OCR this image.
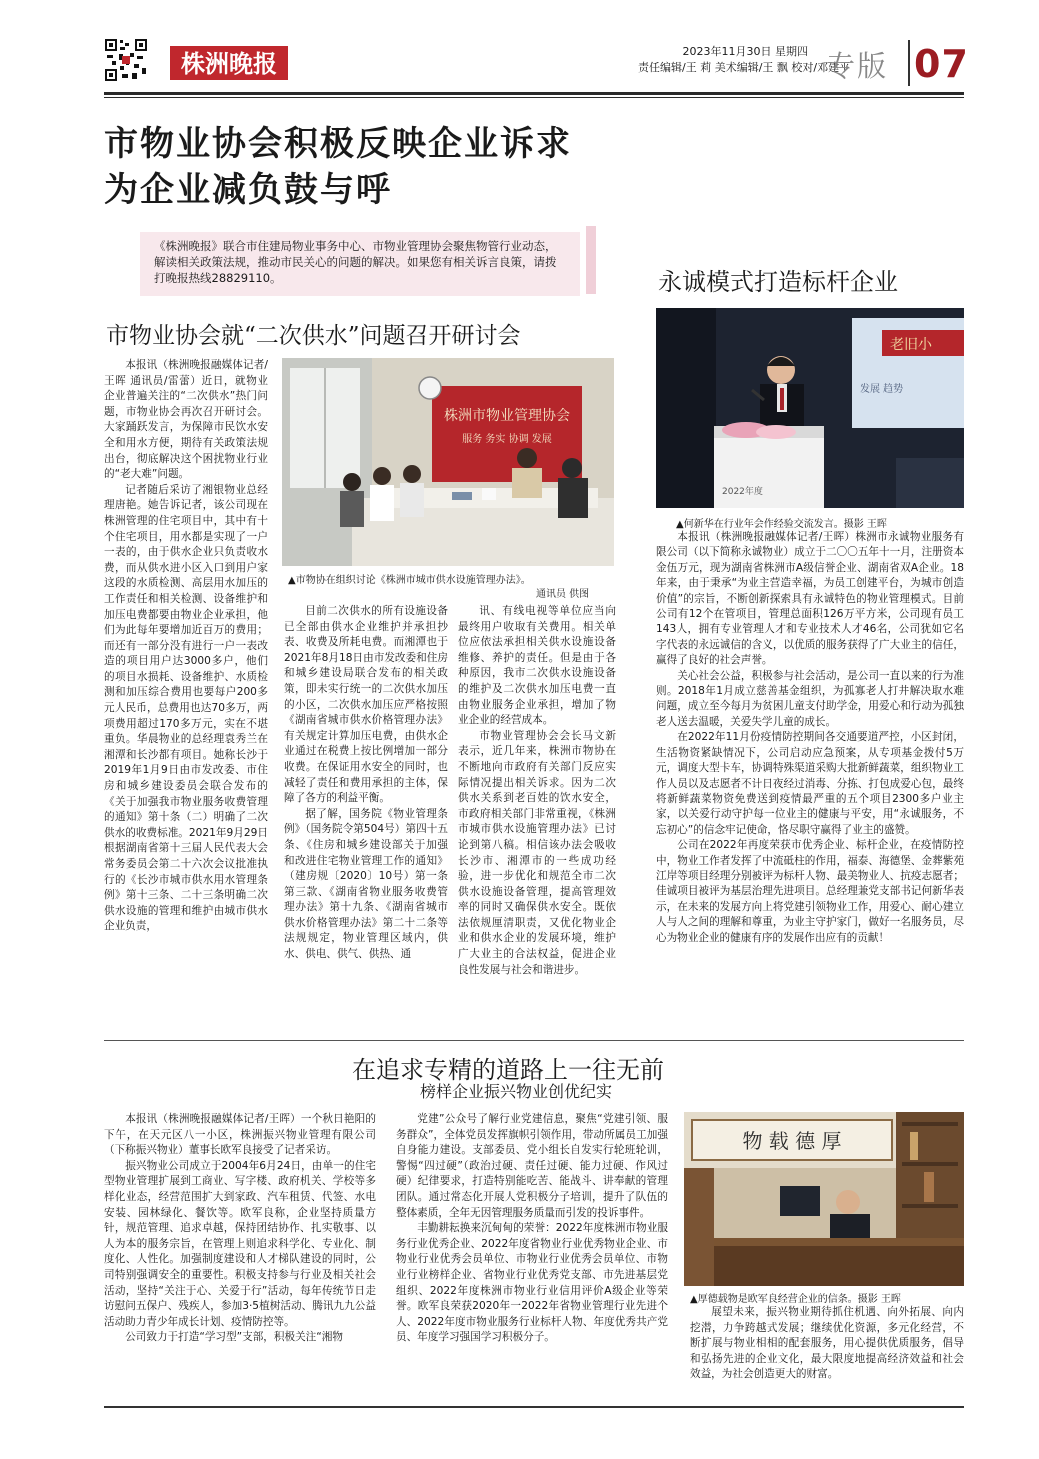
株洲晚报	2023年11月30日 星期四
责任编辑/王 莉 美术编辑/王 飘 校对/邓建平
专版 07
市物业协会积极反映企业诉求
为企业减负鼓与呼
《株洲晚报》联合市住建局物业事务中心、市物业管理协会聚焦物管行业动态，解读相关政策法规，推动市民关心的问题的解决。如果您有相关诉言良策，请拨打晚报热线28829110。
市物业协会就“二次供水”问题召开研讨会

本报讯（株洲晚报融媒体记者/王晖 通讯员/雷蕾）近日，就物业企业普遍关注的“二次供水”热门问题，市物业协会再次召开研讨会。大家踊跃发言，为保障市民饮水安全和用水方便，期待有关政策法规出台，彻底解决这个困扰物业行业的“老大难”问题。

记者随后采访了湘银物业总经理唐艳。她告诉记者，该公司现在株洲管理的住宅项目中，其中有十个住宅项目，用水都是实现了一户一表的，由于供水企业只负责收水费，而从供水进小区入口到用户家这段的水质检测、高层用水加压的工作责任和相关检测、设备维护和加压电费都要由物业企业承担，他们为此每年要增加近百万的费用；而还有一部分没有进行一户一表改造的项目用户达3000多户，他们的项目水损耗、设备维护、水质检测和加压综合费用也要每户200多元人民币，总费用也达70多万，两项费用超过170多万元，实在不堪重负。华晨物业的总经理袁秀兰在湘潭和长沙都有项目。她称长沙于2019年1月9日由市发改委、市住房和城乡建设委员会联合发布的《关于加强我市物业服务收费管理的通知》第十条（二）明确了二次供水的收费标准。2021年9月29日根据湖南省第十三届人民代表大会常务委员会第二十六次会议批准执行的《长沙市城市供水用水管理条例》第十三条、二十三条明确二次供水设施的管理和维护由城市供水企业负责，

株洲市物业管理协会
服务 务实 协调 发展
▲市物协在组织讨论《株洲市城市供水设施管理办法》。
通讯员 供图

目前二次供水的所有设施设备已全部由供水企业维护并承担抄表、收费及所耗电费。而湘潭也于2021年8月18日由市发改委和住房和城乡建设局联合发布的相关政策，即未实行统一的二次供水加压的小区，二次供水加压应严格按照《湖南省城市供水价格管理办法》有关规定计算加压电费，由供水企业通过在税费上按比例增加一部分收费。在保证用水安全的同时，也减轻了责任和费用承担的主体，保障了各方的利益平衡。

据了解，国务院《物业管理条例》（国务院令第504号）第四十五条、《住房和城乡建设部关于加强和改进住宅物业管理工作的通知》（建房规〔2020〕10号）第一条第三款、《湖南省物业服务收费管理办法》第十九条、《湖南省城市供水价格管理办法》第二十二条等法规规定，物业管理区域内，供水、供电、供气、供热、通

讯、有线电视等单位应当向最终用户收取有关费用。相关单位应依法承担相关供水设施设备维修、养护的责任。但是由于各种原因，我市二次供水设施设备的维护及二次供水加压电费一直由物业服务企业承担，增加了物业企业的经营成本。

市物业管理协会会长马文新表示，近几年来，株洲市物协在不断地向市政府有关部门反应实际情况提出相关诉求。因为二次供水关系到老百姓的饮水安全，市政府相关部门非常重视，《株洲市城市供水设施管理办法》已讨论到第八稿。相信该办法会吸收长沙市、湘潭市的一些成功经验，进一步优化和规范全市二次供水设施设备管理，提高管理效率的同时又确保供水安全。既依法依规厘清职责，又优化物业企业和供水企业的发展环境，维护广大业主的合法权益，促进企业良性发展与社会和谐进步。

永诚模式打造标杆企业
老旧小
发展 趋势
2022年度
▲何新华在行业年会作经验交流发言。摄影 王晖

本报讯（株洲晚报融媒体记者/王晖）株洲市永诚物业服务有限公司（以下简称永诚物业）成立于二〇〇五年十一月，注册资本金伍万元，现为湖南省株洲市A级信誉企业、湖南省双A企业。18年来，由于秉承“为业主营造幸福，为员工创建平台，为城市创造价值”的宗旨，不断创新探索具有永诚特色的物业管理模式。目前公司有12个在管项目，管理总面积126万平方米，公司现有员工143人，拥有专业管理人才和专业技术人才46名，公司犹如它名字代表的永远诚信的含义，以优质的服务获得了广大业主的信任，赢得了良好的社会声誉。

关心社会公益，积极参与社会活动，是公司一直以来的行为准则。2018年1月成立慈善基金组织，为孤寡老人打井解决取水难问题，成立至今每月为贫困儿童支付助学金，用爱心和行动为孤独老人送去温暖，关爱失学儿童的成长。

在2022年11月份疫情防控期间各交通要道严控，小区封闭，生活物资紧缺情况下，公司启动应急预案，从专项基金拨付5万元，调度大型卡车，协调特殊渠道采购大批新鲜蔬菜，组织物业工作人员以及志愿者不计日夜经过消毒、分拣、打包成爱心包，最终将新鲜蔬菜物资免费送到疫情最严重的五个项目2300多户业主家，以关爱行动守护每一位业主的健康与平安，用“永诚服务，不忘初心”的信念牢记使命，恪尽职守赢得了业主的盛赞。

公司在2022年再度荣获市优秀企业、标杆企业，在疫情防控中，物业工作者发挥了中流砥柱的作用，福泰、海德堡、金葬紫苑江岸等项目经理分别被评为标杆人物、最美物业人、抗疫志愿者；佳诚项目被评为基层治理先进项目。总经理兼党支部书记何新华表示，在未来的发展方向上将党建引领物业工作，用爱心、耐心建立人与人之间的理解和尊重，为业主守护家门，做好一名服务员，尽心为物业企业的健康有序的发展作出应有的贡献！

在追求专精的道路上一往无前
榜样企业振兴物业创优纪实

本报讯（株洲晚报融媒体记者/王晖）一个秋日艳阳的下午，在天元区八一小区，株洲振兴物业管理有限公司（下称振兴物业）董事长欧军良接受了记者采访。

振兴物业公司成立于2004年6月24日，由单一的住宅型物业管理扩展到工商业、写字楼、政府机关、学校等多样化业态，经营范围扩大到家政、汽车租赁、代签、水电安装、园林绿化、餐饮等。欧军良称，企业坚持质量方针，规范管理、追求卓越，保持团结协作、扎实敬事、以人为本的服务宗旨，在管理上则追求科学化、专业化、制度化、人性化。加强制度建设和人才梯队建设的同时，公司特别强调安全的重要性。积极支持参与行业及相关社会活动，坚持“关注于心、关爱于行”活动，每年传统节日走访慰问五保户、残疾人，参加3·5植树活动、腾讯九九公益活动助力青少年成长计划、疫情防控等。

公司致力于打造“学习型”支部，积极关注“湘物

党建”公众号了解行业党建信息，聚焦“党建引领、服务群众”，全体党员发挥旗帜引领作用，带动所属员工加强自身能力建设。支部委员、党小组长自发实行轮班轮训，警惕“四过硬”（政治过硬、责任过硬、能力过硬、作风过硬）纪律要求，打造特别能吃苦、能战斗、讲奉献的管理团队。通过常态化开展人党积极分子培训，提升了队伍的整体素质，全年无因管理服务质量而引发的投诉事件。

丰勤耕耘换来沉甸甸的荣誉：2022年度株洲市物业服务行业优秀企业、2022年度省物业行业优秀物业企业、市物业行业优秀会员单位、市物业行业优秀会员单位、市物业行业榜样企业、省物业行业优秀党支部、市先进基层党组织、2022年度株洲市物业行业信用评价A级企业等荣誉。欧军良荣获2020年一2022年省物业管理行业先进个人、2022年度市物业服务行业标杆人物、年度优秀共产党员、年度学习强国学习积极分子。

物 载 德 厚
▲厚德载物是欧军良经营企业的信条。摄影 王晖

展望未来，振兴物业期待抓住机遇、向外拓展、向内挖潜，力争跨越式发展；继续优化资源，多元化经营，不断扩展与物业相相的配套服务，用心提供优质服务，倡导和弘扬先进的企业文化，最大限度地提高经济效益和社会效益，为社会创造更大的财富。
